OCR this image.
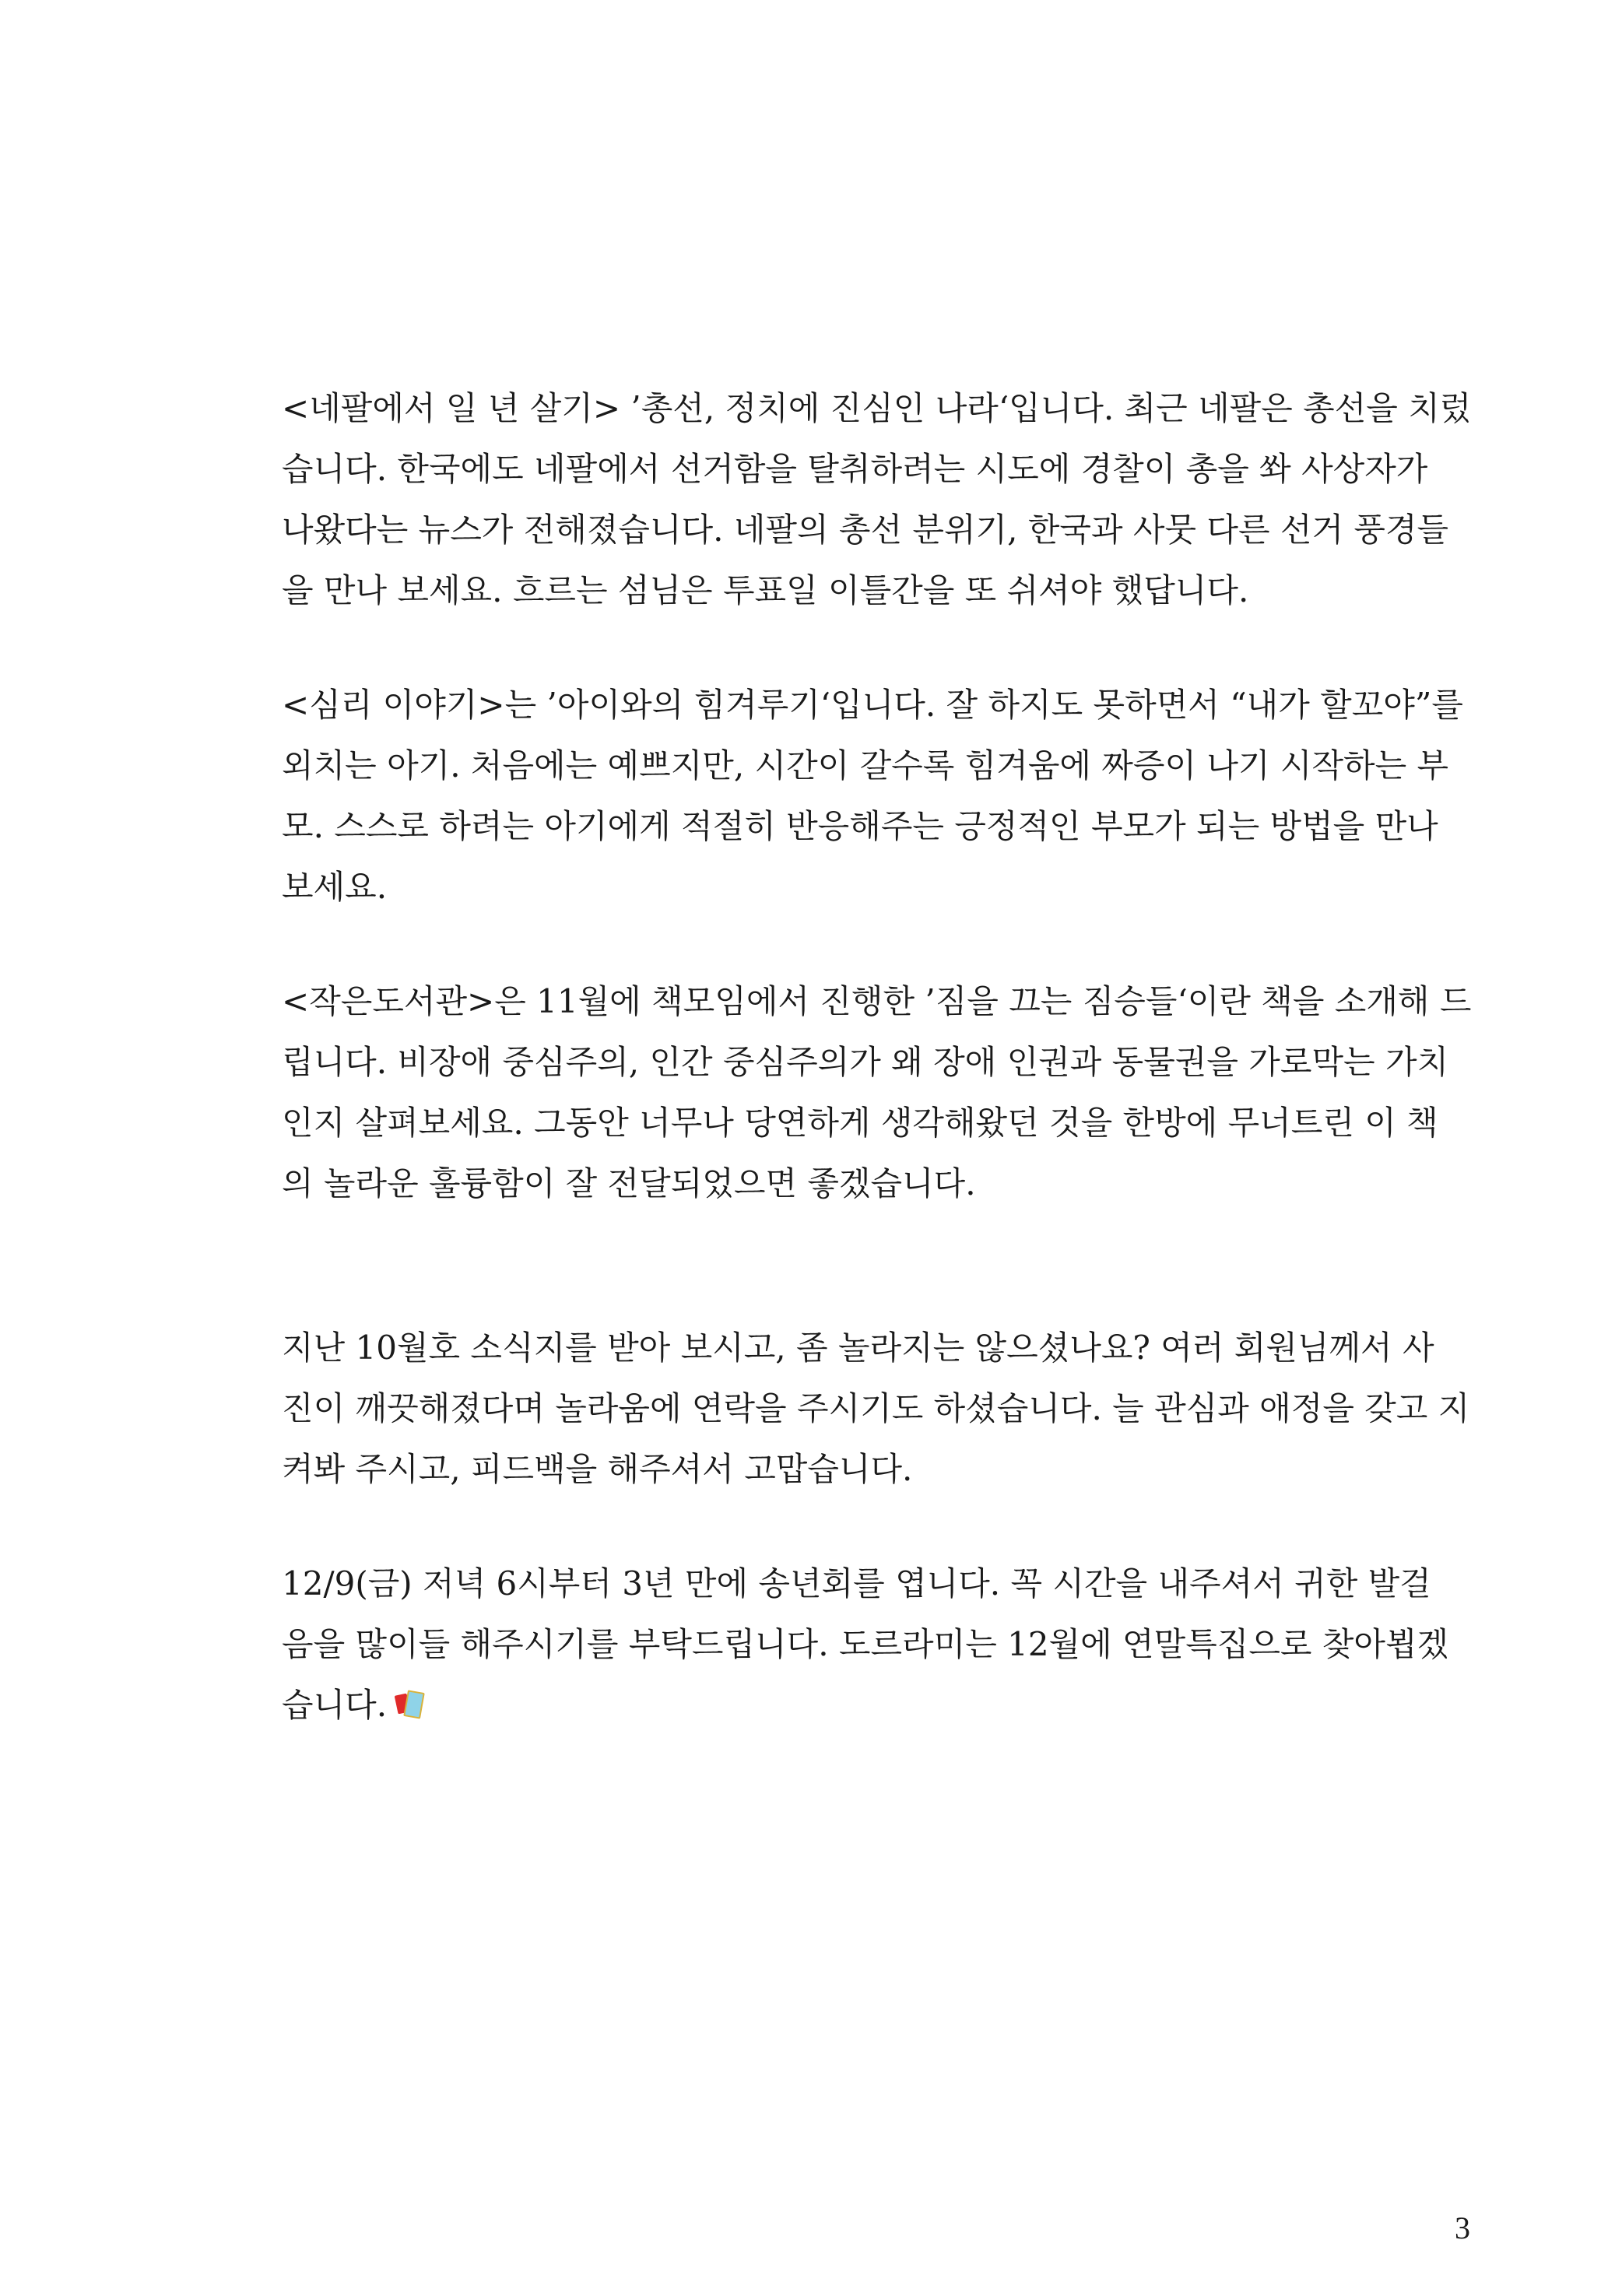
<네팔에서 일 년 살기> ’총선, 정치에 진심인 나라‘입니다. 최근 네팔은 총선을 치렀
습니다. 한국에도 네팔에서 선거함을 탈취하려는 시도에 경찰이 총을 쏴 사상자가
나왔다는 뉴스가 전해졌습니다. 네팔의 총선 분위기, 한국과 사뭇 다른 선거 풍경들
을 만나 보세요. 흐르는 섬님은 투표일 이틀간을 또 쉬셔야 했답니다.
<심리 이야기>는 ’아이와의 힘겨루기‘입니다. 잘 하지도 못하면서 “내가 할꼬야”를
외치는 아기. 처음에는 예쁘지만, 시간이 갈수록 힘겨움에 짜증이 나기 시작하는 부
모. 스스로 하려는 아기에게 적절히 반응해주는 긍정적인 부모가 되는 방법을 만나
보세요.
<작은도서관>은 11월에 책모임에서 진행한 ’짐을 끄는 짐승들‘이란 책을 소개해 드
립니다. 비장애 중심주의, 인간 중심주의가 왜 장애 인권과 동물권을 가로막는 가치
인지 살펴보세요. 그동안 너무나 당연하게 생각해왔던 것을 한방에 무너트린 이 책
의 놀라운 훌륭함이 잘 전달되었으면 좋겠습니다.
지난 10월호 소식지를 받아 보시고, 좀 놀라지는 않으셨나요? 여러 회원님께서 사
진이 깨끗해졌다며 놀라움에 연락을 주시기도 하셨습니다. 늘 관심과 애정을 갖고 지
켜봐 주시고, 피드백을 해주셔서 고맙습니다.
12/9(금) 저녁 6시부터 3년 만에 송년회를 엽니다. 꼭 시간을 내주셔서 귀한 발걸
음을 많이들 해주시기를 부탁드립니다. 도르라미는 12월에 연말특집으로 찾아뵙겠
습니다.
3
